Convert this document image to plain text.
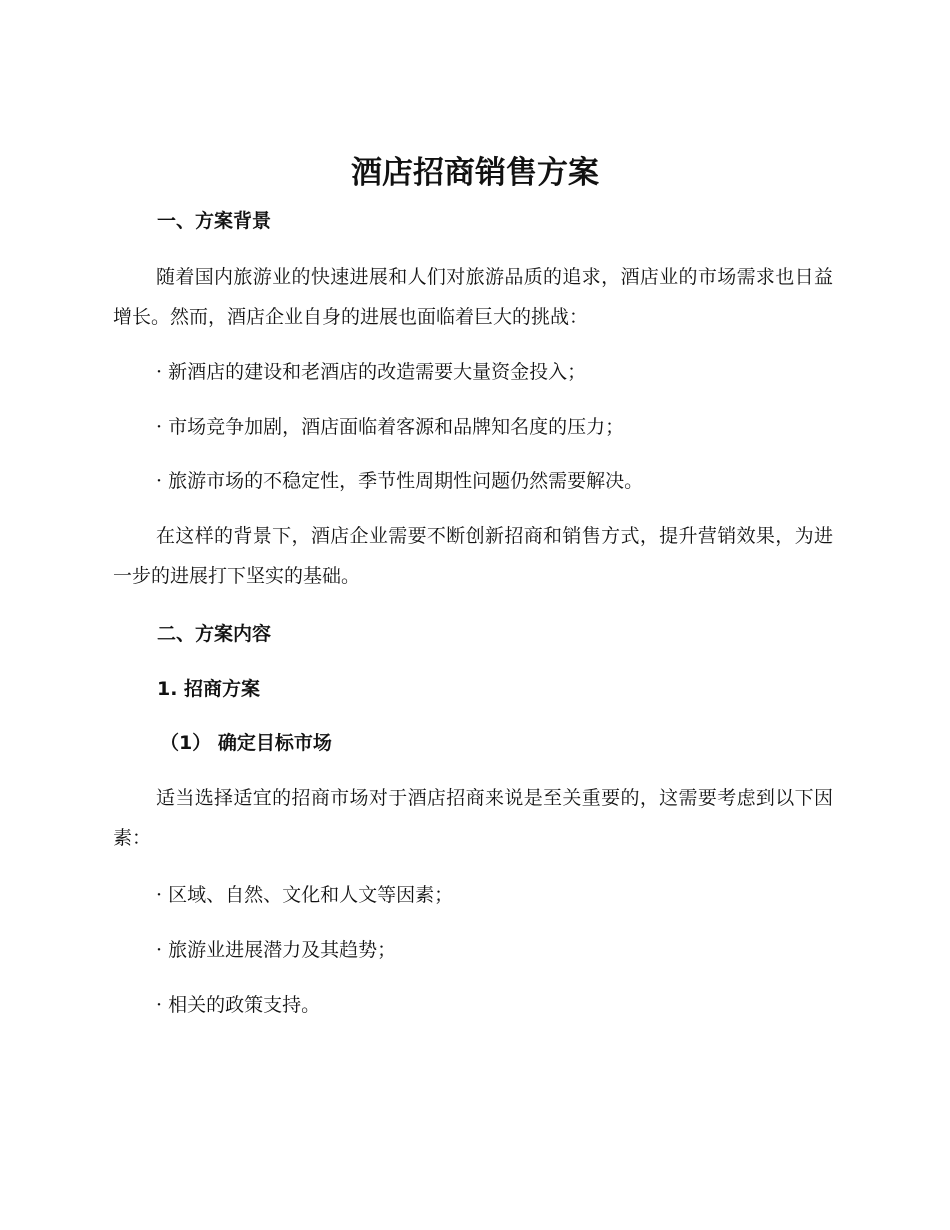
酒店招商销售方案
一、方案背景

随着国内旅游业的快速进展和人们对旅游品质的追求，酒店业的市场需求也日益增长。然而，酒店企业自身的进展也面临着巨大的挑战：

· 新酒店的建设和老酒店的改造需要大量资金投入；

· 市场竞争加剧，酒店面临着客源和品牌知名度的压力；

· 旅游市场的不稳定性，季节性周期性问题仍然需要解决。

在这样的背景下，酒店企业需要不断创新招商和销售方式，提升营销效果，为进一步的进展打下坚实的基础。

二、方案内容
1. 招商方案
（1） 确定目标市场

适当选择适宜的招商市场对于酒店招商来说是至关重要的，这需要考虑到以下因素：

· 区域、自然、文化和人文等因素；

· 旅游业进展潜力及其趋势；

· 相关的政策支持。
